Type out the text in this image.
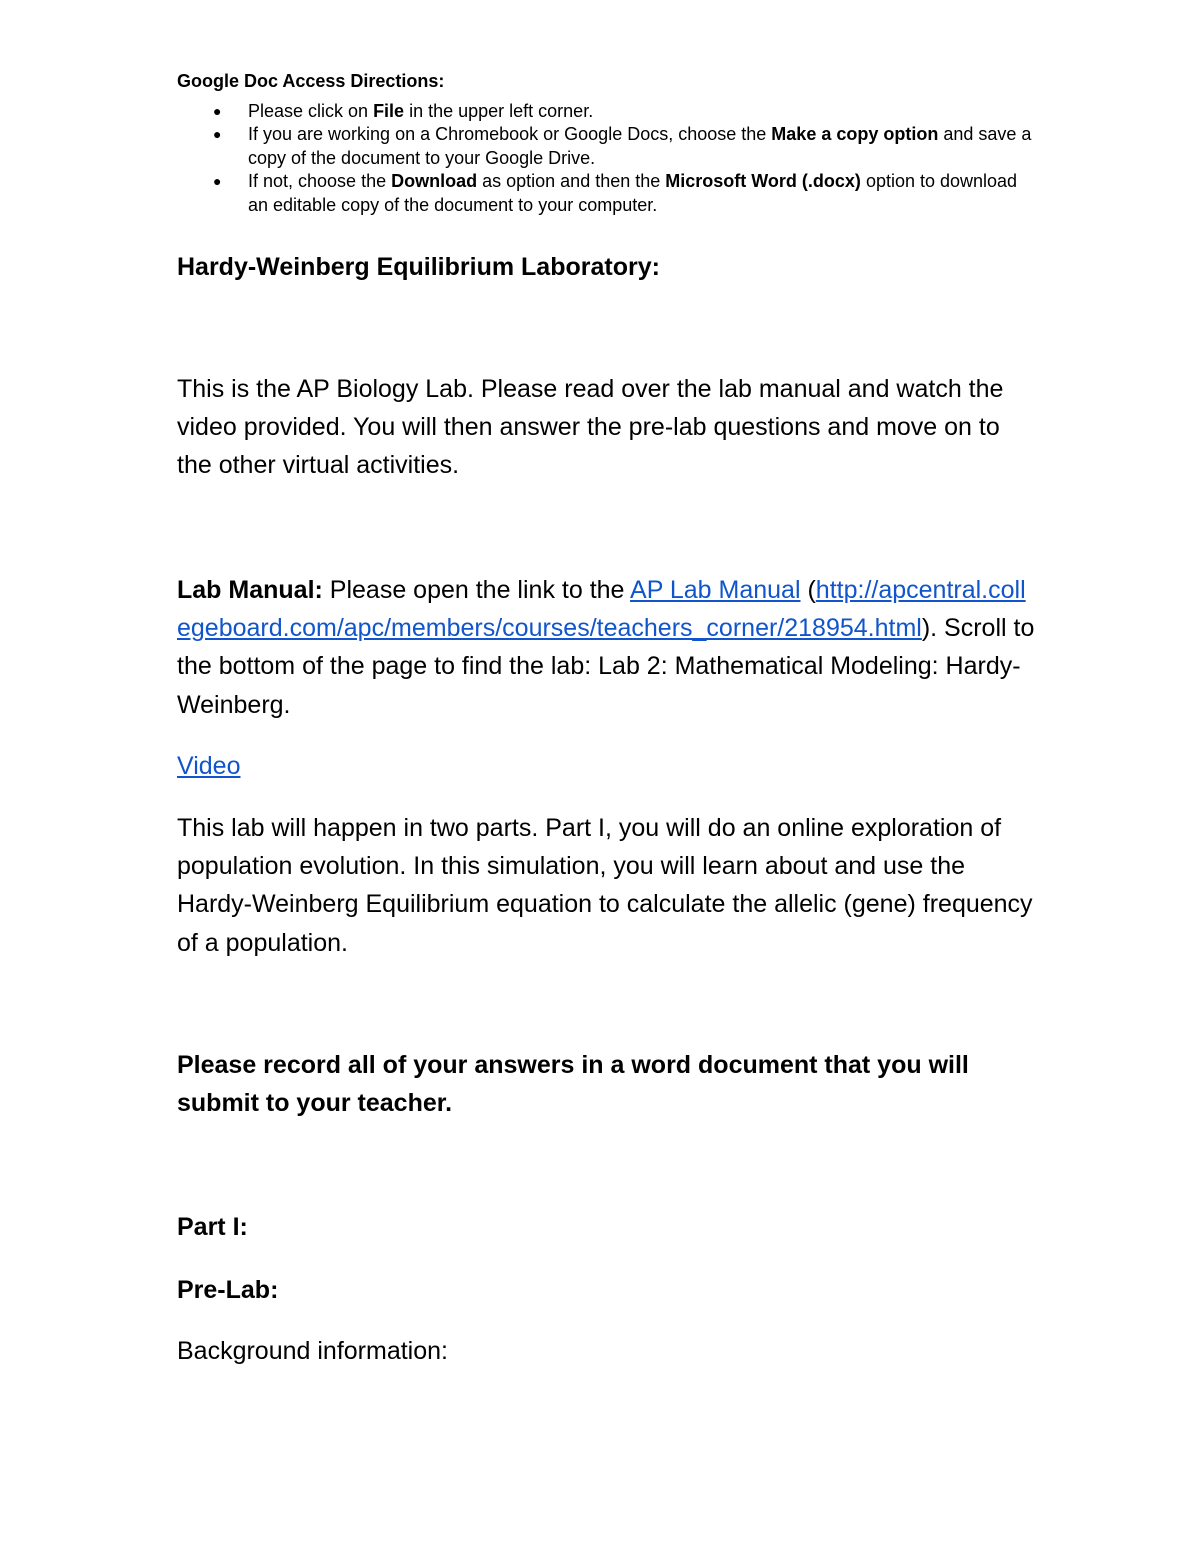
Google Doc Access Directions:

● Please click on File in the upper left corner.
● If you are working on a Chromebook or Google Docs, choose the Make a copy option and save a copy of the document to your Google Drive.
● If not, choose the Download as option and then the Microsoft Word (.docx) option to download an editable copy of the document to your computer.

Hardy-Weinberg Equilibrium Laboratory:

This is the AP Biology Lab. Please read over the lab manual and watch the video provided. You will then answer the pre-lab questions and move on to the other virtual activities.

Lab Manual: Please open the link to the AP Lab Manual (http://apcentral.collegeboard.com/apc/members/courses/teachers_corner/218954.html). Scroll to the bottom of the page to find the lab: Lab 2: Mathematical Modeling: Hardy-Weinberg.

Video

This lab will happen in two parts. Part I, you will do an online exploration of population evolution. In this simulation, you will learn about and use the Hardy-Weinberg Equilibrium equation to calculate the allelic (gene) frequency of a population.

Please record all of your answers in a word document that you will submit to your teacher.

Part I:

Pre-Lab:

Background information:
